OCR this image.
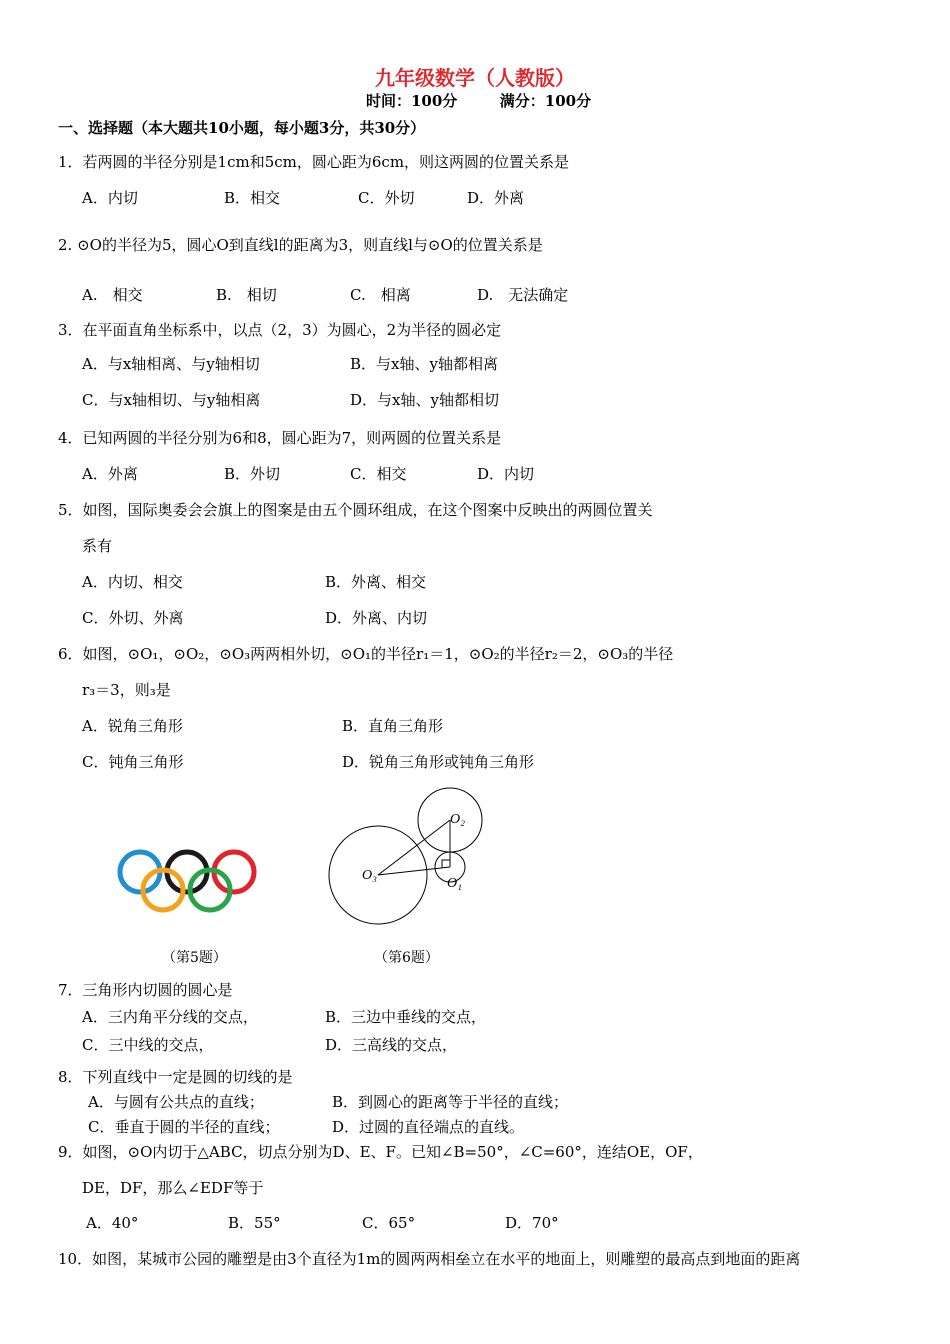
九年级数学（人教版）
时间：100分	满分：100分
一、选择题（本大题共10小题，每小题3分，共30分）
1．若两圆的半径分别是1cm和5cm，圆心距为6cm，则这两圆的位置关系是
A．内切	B．相交	C．外切	D．外离
2. ⊙O的半径为5，圆心O到直线l的距离为3，则直线l与⊙O的位置关系是
A.　相交	B.　相切	C.　相离	D.　无法确定
3．在平面直角坐标系中，以点（2，3）为圆心，2为半径的圆必定
A．与x轴相离、与y轴相切	B．与x轴、y轴都相离
C．与x轴相切、与y轴相离	D．与x轴、y轴都相切
4．已知两圆的半径分别为6和8，圆心距为7，则两圆的位置关系是
A．外离	B．外切	C．相交	D．内切
5．如图，国际奥委会会旗上的图案是由五个圆环组成，在这个图案中反映出的两圆位置关
系有
A．内切、相交	B．外离、相交
C．外切、外离	D．外离、内切
6．如图，⊙O₁，⊙O₂，⊙O₃两两相外切，⊙O₁的半径r₁＝1，⊙O₂的半径r₂＝2，⊙O₃的半径
r₃＝3，则₃是
A．锐角三角形	B．直角三角形
C．钝角三角形	D．锐角三角形或钝角三角形
（第5题）
O₃
O₂
O₁
（第6题）
7．三角形内切圆的圆心是
A．三内角平分线的交点，	B．三边中垂线的交点，
C．三中线的交点，	D．三高线的交点，
8．下列直线中一定是圆的切线的是
A．与圆有公共点的直线；	B．到圆心的距离等于半径的直线；
C．垂直于圆的半径的直线；	D．过圆的直径端点的直线。
9．如图，⊙O内切于△ABC，切点分别为D、E、F。已知∠B=50°，∠C=60°，连结OE，OF，
DE，DF，那么∠EDF等于
A．40°	B．55°	C．65°	D．70°
10．如图，某城市公园的雕塑是由3个直径为1m的圆两两相垒立在水平的地面上，则雕塑的最高点到地面的距离
